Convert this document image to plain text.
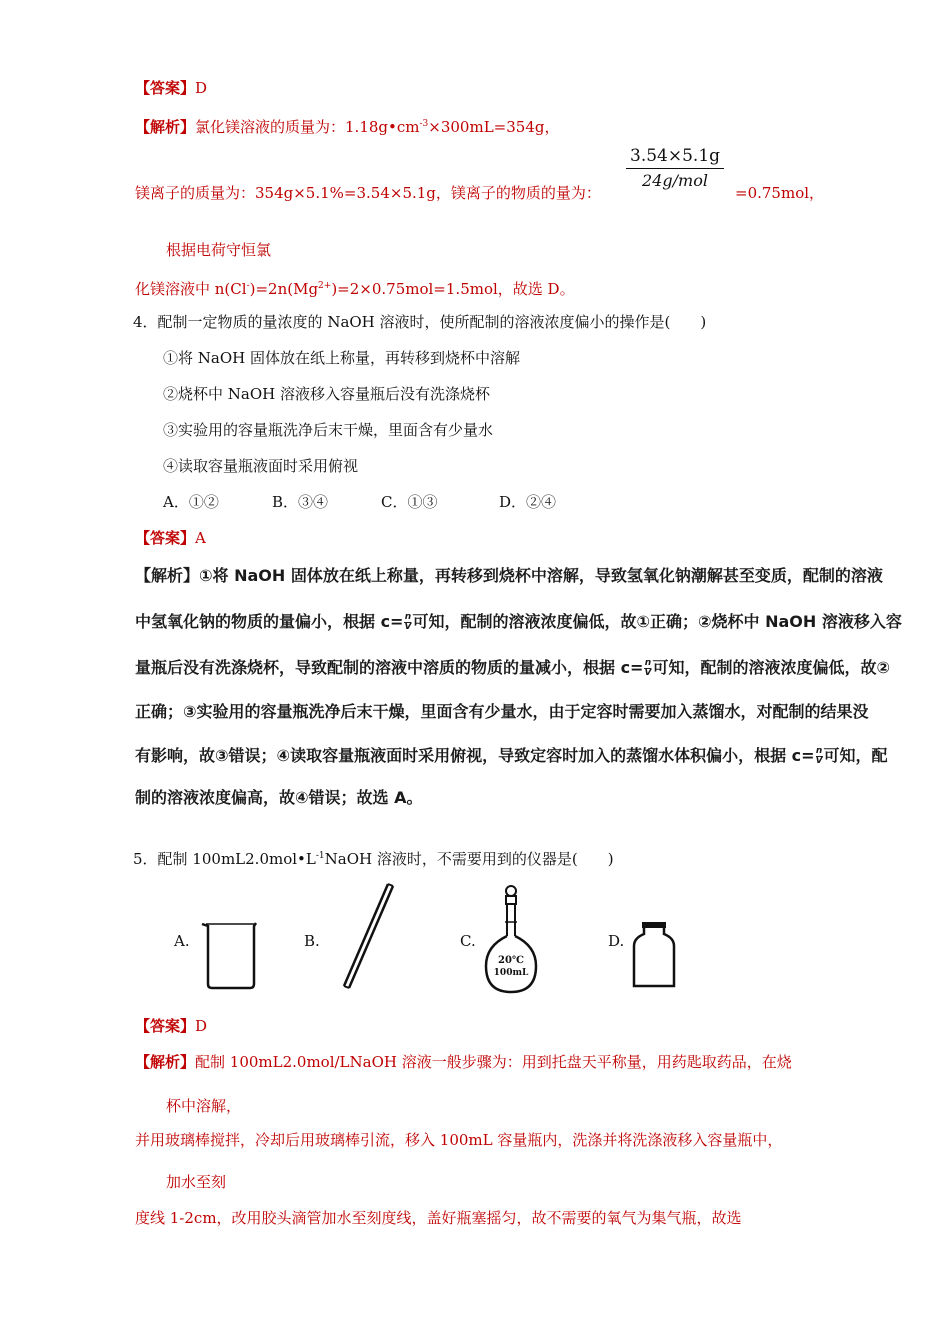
【答案】D
【解析】氯化镁溶液的质量为：$1.18g•cm^{-3}\times 300mL=354g$，
镁离子的质量为：354g×5.1%=3.54×5.1g，镁离子的物质的量为：
3.54×5.1g
24g/mol
=0.75mol，
根据电荷守恒氯
化镁溶液中 $n(Cl^-)=2n(Mg^{2+})=2\times 0.75mol=1.5mol$，故选 D。
4．配制一定物质的量浓度的 NaOH 溶液时，使所配制的溶液浓度偏小的操作是(　　)
①将 NaOH 固体放在纸上称量，再转移到烧杯中溶解
②烧杯中 NaOH 溶液移入容量瓶后没有洗涤烧杯
③实验用的容量瓶洗净后末干燥，里面含有少量水
④读取容量瓶液面时采用俯视
A．①②	B．③④	C．①③	D．②④
【答案】A
【解析】①将 NaOH 固体放在纸上称量，再转移到烧杯中溶解，导致氢氧化钠潮解甚至变质，配制的溶液
中氢氧化钠的物质的量偏小，根据 $c= \frac{n}{V}$ 可知，配制的溶液浓度偏低，故①正确；②烧杯中 NaOH 溶液移入容
量瓶后没有洗涤烧杯，导致配制的溶液中溶质的物质的量减小，根据 $c= \frac{n}{V}$ 可知，配制的溶液浓度偏低，故②
正确；③实验用的容量瓶洗净后末干燥，里面含有少量水，由于定容时需要加入蒸馏水，对配制的结果没
有影响，故③错误；④读取容量瓶液面时采用俯视，导致定容时加入的蒸馏水体积偏小，根据 $c= \frac{n}{V}$ 可知，配
制的溶液浓度偏高，故④错误；故选 A。
5．配制 $100mL2.0mol•L^{-1}NaOH$ 溶液时，不需要用到的仪器是(　　)
A.	B.	C.	D.
20℃
100mL
【答案】D
【解析】配制 100mL2.0mol/LNaOH 溶液一般步骤为：用到托盘天平称量，用药匙取药品，在烧
杯中溶解，
并用玻璃棒搅拌，冷却后用玻璃棒引流，移入 100mL 容量瓶内，洗涤并将洗涤液移入容量瓶中，
加水至刻
度线 1-2cm，改用胶头滴管加水至刻度线，盖好瓶塞摇匀，故不需要的氧气为集气瓶，故选
